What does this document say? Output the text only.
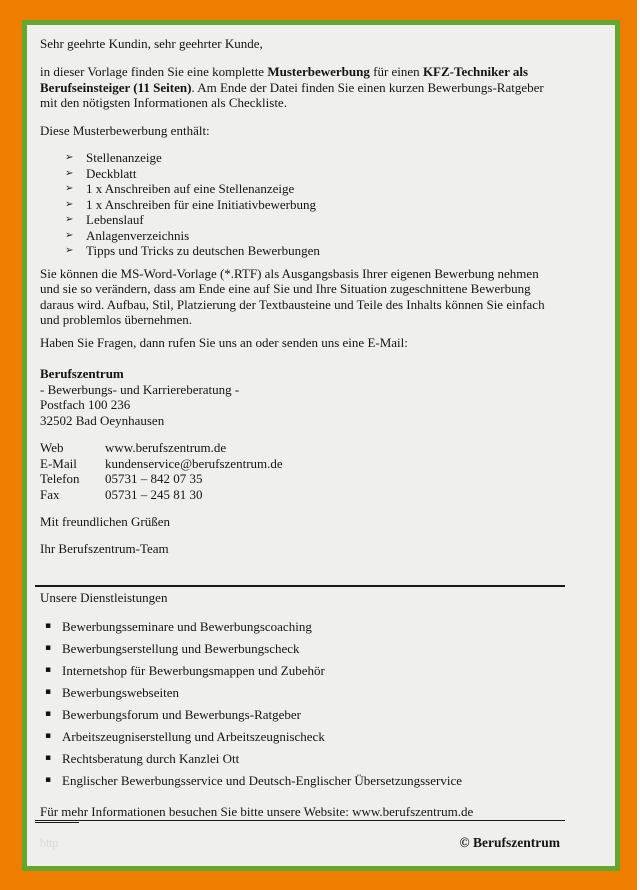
Sehr geehrte Kundin, sehr geehrter Kunde,

in dieser Vorlage finden Sie eine komplette Musterbewerbung für einen KFZ-Techniker als Berufseinsteiger (11 Seiten). Am Ende der Datei finden Sie einen kurzen Bewerbungs-Ratgeber mit den nötigsten Informationen als Checkliste.

Diese Musterbewerbung enthält:

➢ Stellenanzeige
➢ Deckblatt
➢ 1 x Anschreiben auf eine Stellenanzeige
➢ 1 x Anschreiben für eine Initiativbewerbung
➢ Lebenslauf
➢ Anlagenverzeichnis
➢ Tipps und Tricks zu deutschen Bewerbungen

Sie können die MS-Word-Vorlage (*.RTF) als Ausgangsbasis Ihrer eigenen Bewerbung nehmen und sie so verändern, dass am Ende eine auf Sie und Ihre Situation zugeschnittene Bewerbung daraus wird. Aufbau, Stil, Platzierung der Textbausteine und Teile des Inhalts können Sie einfach und problemlos übernehmen.

Haben Sie Fragen, dann rufen Sie uns an oder senden uns eine E-Mail:

Berufszentrum
- Bewerbungs- und Karriereberatung -
Postfach 100 236
32502 Bad Oeynhausen
Web	www.berufszentrum.de
E-Mail	kundenservice@berufszentrum.de
Telefon	05731 – 842 07 35
Fax	05731 – 245 81 30

Mit freundlichen Grüßen

Ihr Berufszentrum-Team

Unsere Dienstleistungen

▪ Bewerbungsseminare und Bewerbungscoaching
▪ Bewerbungserstellung und Bewerbungscheck
▪ Internetshop für Bewerbungsmappen und Zubehör
▪ Bewerbungswebseiten
▪ Bewerbungsforum und Bewerbungs-Ratgeber
▪ Arbeitszeugniserstellung und Arbeitszeugnischeck
▪ Rechtsberatung durch Kanzlei Ott
▪ Englischer Bewerbungsservice und Deutsch-Englischer Übersetzungsservice

Für mehr Informationen besuchen Sie bitte unsere Website: www.berufszentrum.de

http	© Berufszentrum
